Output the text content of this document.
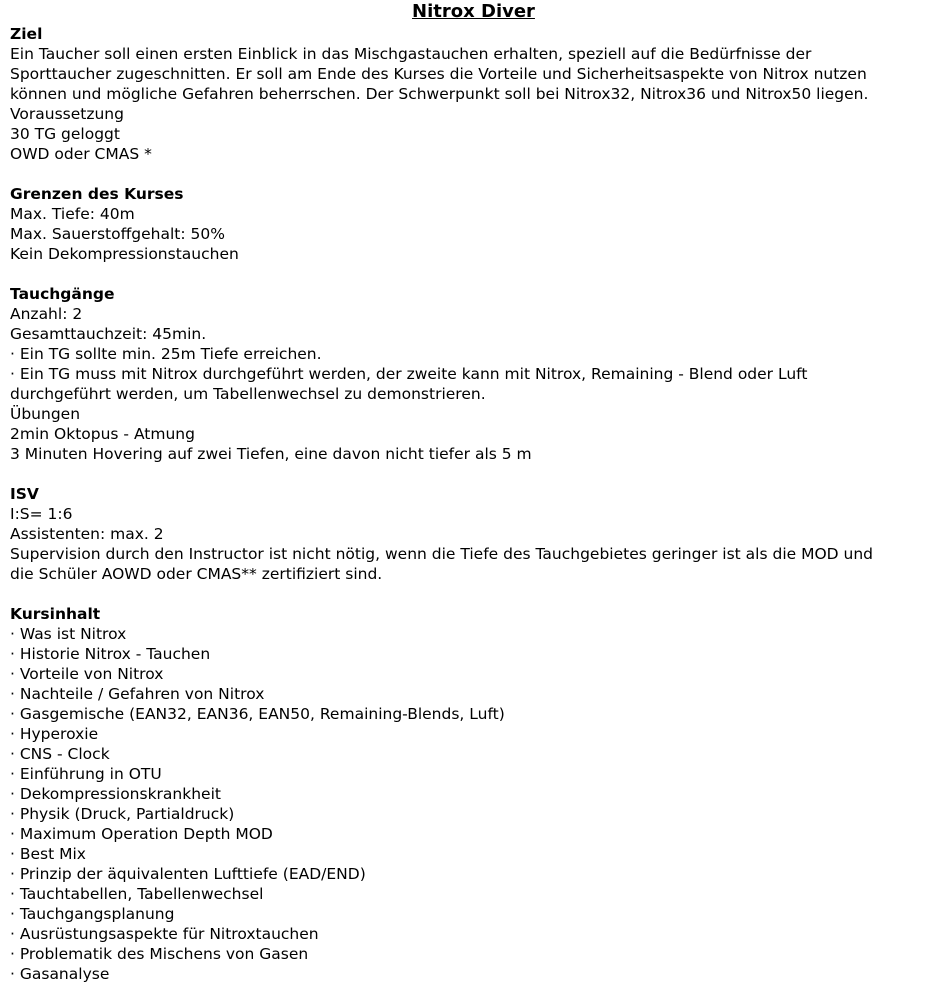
Nitrox Diver
Ziel
Ein Taucher soll einen ersten Einblick in das Mischgastauchen erhalten, speziell auf die Bedürfnisse der
Sporttaucher zugeschnitten. Er soll am Ende des Kurses die Vorteile und Sicherheitsaspekte von Nitrox nutzen
können und mögliche Gefahren beherrschen. Der Schwerpunkt soll bei Nitrox32, Nitrox36 und Nitrox50 liegen.
Voraussetzung
30 TG geloggt
OWD oder CMAS *
Grenzen des Kurses
Max. Tiefe: 40m
Max. Sauerstoffgehalt: 50%
Kein Dekompressionstauchen
Tauchgänge
Anzahl: 2
Gesamttauchzeit: 45min.
· Ein TG sollte min. 25m Tiefe erreichen.
· Ein TG muss mit Nitrox durchgeführt werden, der zweite kann mit Nitrox, Remaining - Blend oder Luft
durchgeführt werden, um Tabellenwechsel zu demonstrieren.
Übungen
2min Oktopus - Atmung
3 Minuten Hovering auf zwei Tiefen, eine davon nicht tiefer als 5 m
ISV
I:S= 1:6
Assistenten: max. 2
Supervision durch den Instructor ist nicht nötig, wenn die Tiefe des Tauchgebietes geringer ist als die MOD und
die Schüler AOWD oder CMAS** zertifiziert sind.
Kursinhalt
· Was ist Nitrox
· Historie Nitrox - Tauchen
· Vorteile von Nitrox
· Nachteile / Gefahren von Nitrox
· Gasgemische (EAN32, EAN36, EAN50, Remaining-Blends, Luft)
· Hyperoxie
· CNS - Clock
· Einführung in OTU
· Dekompressionskrankheit
· Physik (Druck, Partialdruck)
· Maximum Operation Depth MOD
· Best Mix
· Prinzip der äquivalenten Lufttiefe (EAD/END)
· Tauchtabellen, Tabellenwechsel
· Tauchgangsplanung
· Ausrüstungsaspekte für Nitroxtauchen
· Problematik des Mischens von Gasen
· Gasanalyse
